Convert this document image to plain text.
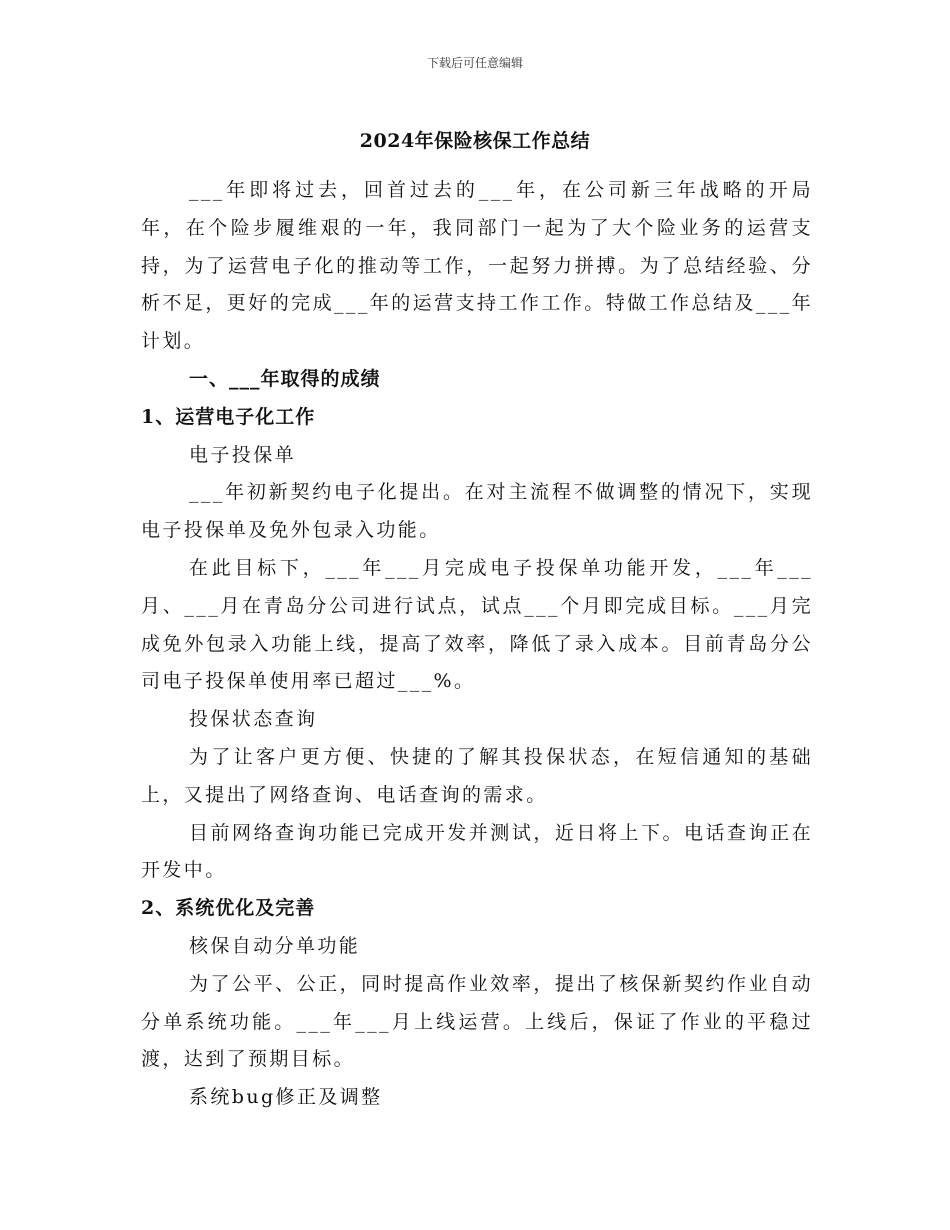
下载后可任意编辑
2024年保险核保工作总结

___年即将过去，回首过去的___年，在公司新三年战略的开局年，在个险步履维艰的一年，我同部门一起为了大个险业务的运营支持，为了运营电子化的推动等工作，一起努力拼搏。为了总结经验、分析不足，更好的完成___年的运营支持工作工作。特做工作总结及___年计划。

一、___年取得的成绩

1、运营电子化工作

电子投保单

___年初新契约电子化提出。在对主流程不做调整的情况下，实现电子投保单及免外包录入功能。

在此目标下，___年___月完成电子投保单功能开发，___年___月、___月在青岛分公司进行试点，试点___个月即完成目标。___月完成免外包录入功能上线，提高了效率，降低了录入成本。目前青岛分公司电子投保单使用率已超过___%。

投保状态查询

为了让客户更方便、快捷的了解其投保状态，在短信通知的基础上，又提出了网络查询、电话查询的需求。

目前网络查询功能已完成开发并测试，近日将上下。电话查询正在开发中。

2、系统优化及完善

核保自动分单功能

为了公平、公正，同时提高作业效率，提出了核保新契约作业自动分单系统功能。___年___月上线运营。上线后，保证了作业的平稳过渡，达到了预期目标。

系统bug修正及调整
